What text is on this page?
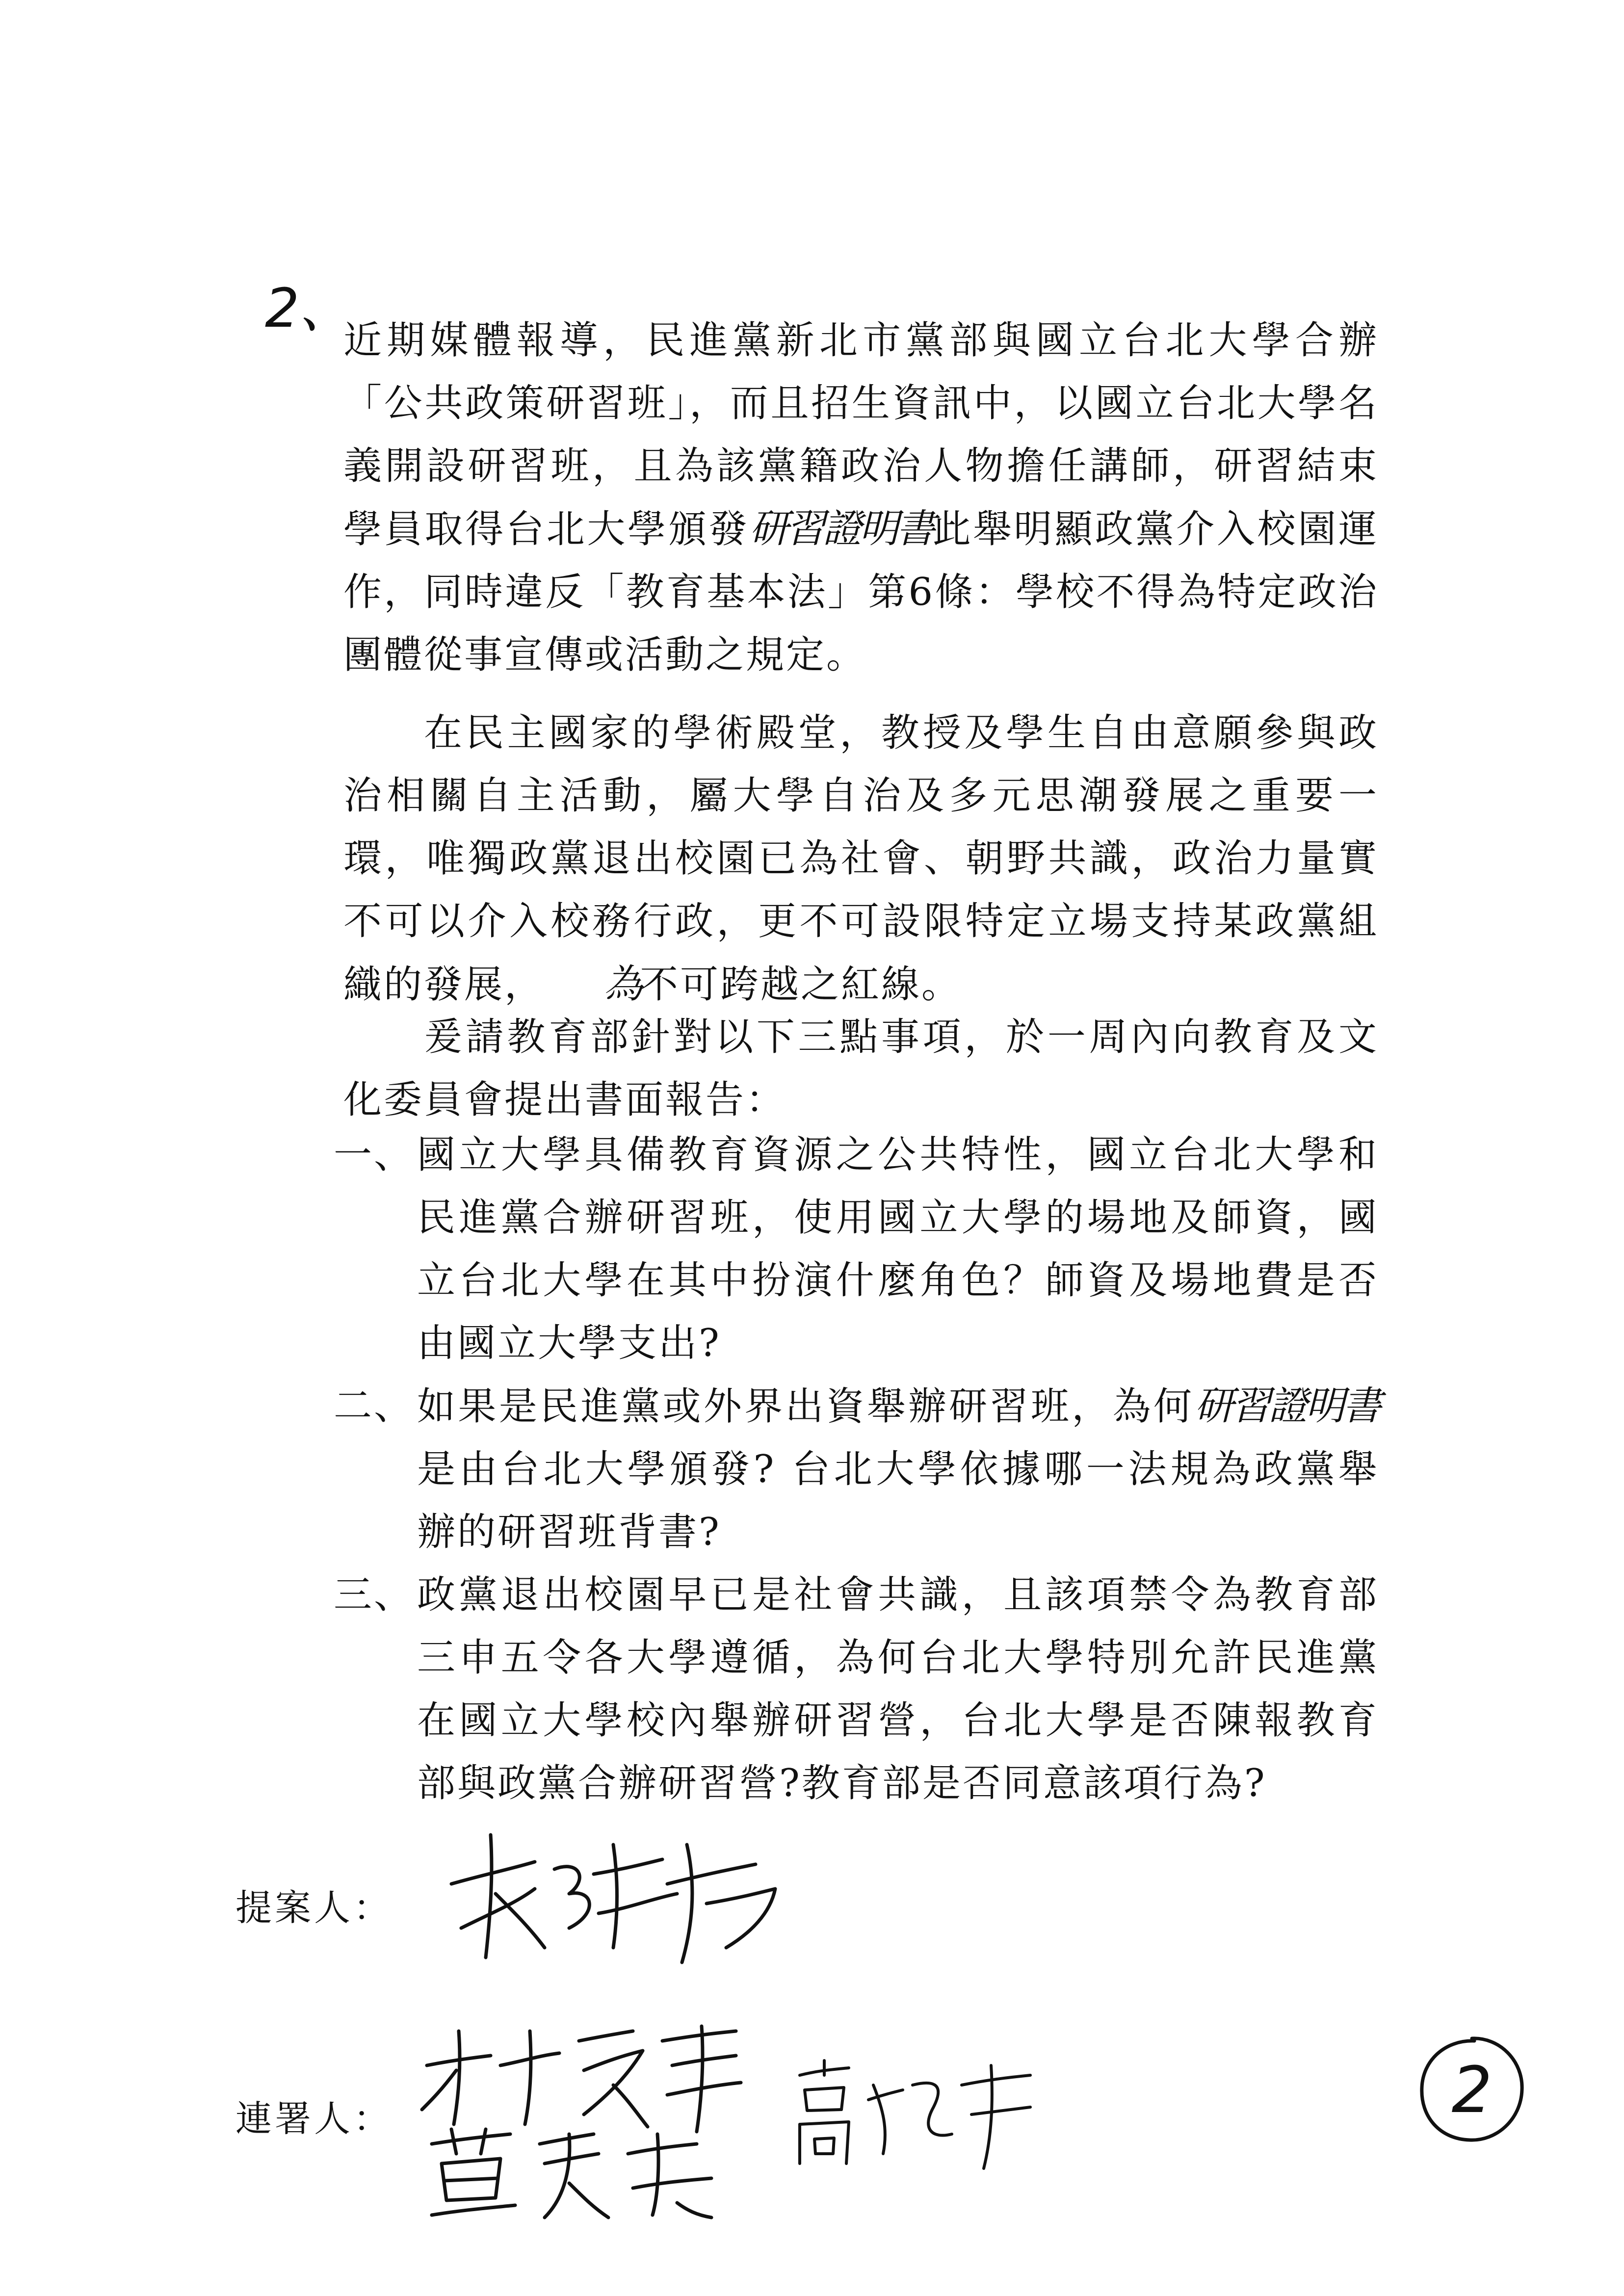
2、

近期媒體報導，民進黨新北市黨部與國立台北大學合辦「公共政策研習班」，而且招生資訊中，以國立台北大學名義開設研習班，且為該黨籍政治人物擔任講師，研習結束學員取得台北大學頒發研習證明書此舉明顯政黨介入校園運作，同時違反「教育基本法」第6條：學校不得為特定政治團體從事宣傳或活動之規定。

在民主國家的學術殿堂，教授及學生自由意願參與政治相關自主活動，屬大學自治及多元思潮發展之重要一環，唯獨政黨退出校園已為社會、朝野共識，政治力量實不可以介入校務行政，更不可設限特定立場支持某政黨組織的發展， 為不可跨越之紅線。

爰請教育部針對以下三點事項，於一周內向教育及文化委員會提出書面報告：

一、 國立大學具備教育資源之公共特性，國立台北大學和民進黨合辦研習班，使用國立大學的場地及師資，國立台北大學在其中扮演什麼角色？師資及場地費是否由國立大學支出?
二、 如果是民進黨或外界出資舉辦研習班，為何研習證明書是由台北大學頒發? 台北大學依據哪一法規為政黨舉辦的研習班背書?
三、 政黨退出校園早已是社會共識，且該項禁令為教育部三申五令各大學遵循，為何台北大學特別允許民進黨在國立大學校內舉辦研習營，台北大學是否陳報教育部與政黨合辦研習營?教育部是否同意該項行為?
提案人：
連署人：	2
